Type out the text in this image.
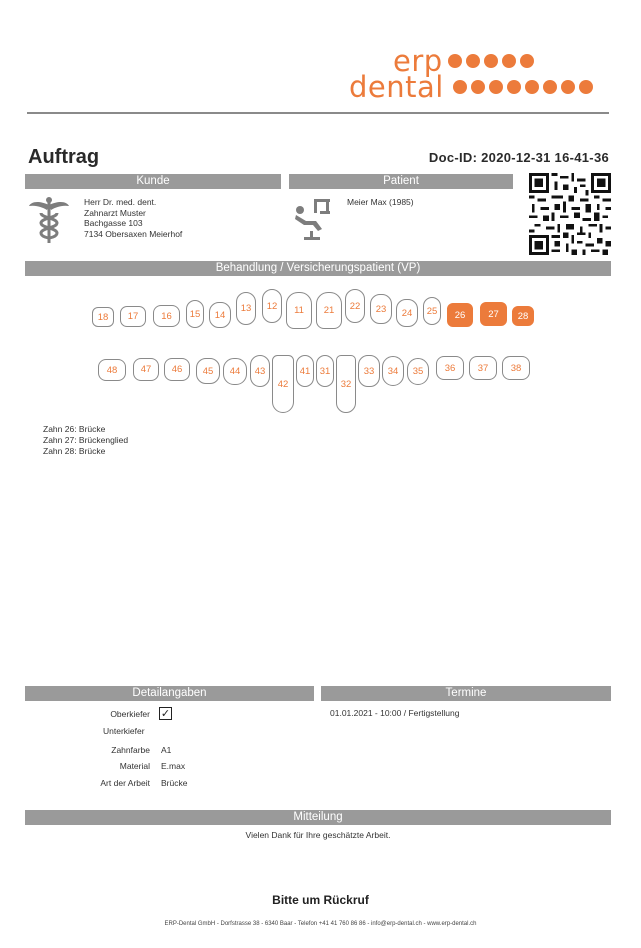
erp
dental
Auftrag	Doc-ID: 2020-12-31 16-41-36
Kunde	Patient
Herr Dr. med. dent.
Zahnarzt Muster
Bachgasse 103
7134 Obersaxen Meierhof
Meier Max (1985)
Behandlung / Versicherungspatient (VP)
18	17	16	15	14
13	12	11	21	22	23	24	25	26	27	28
48	47	46	45	44	43
42
41 31
32
33	34	35	36	37	38
Zahn 26: Brücke
Zahn 27: Brückenglied
Zahn 28: Brücke
Detailangaben	Termine
Oberkiefer ✓
Unterkiefer
Zahnfarbe A1
Material E.max
Art der Arbeit Brücke
01.01.2021 - 10:00 / Fertigstellung
Mitteilung
Vielen Dank für Ihre geschätzte Arbeit.
Bitte um Rückruf
ERP-Dental GmbH - Dorfstrasse 38 - 6340 Baar - Telefon +41 41 760 86 86 - info@erp-dental.ch - www.erp-dental.ch
